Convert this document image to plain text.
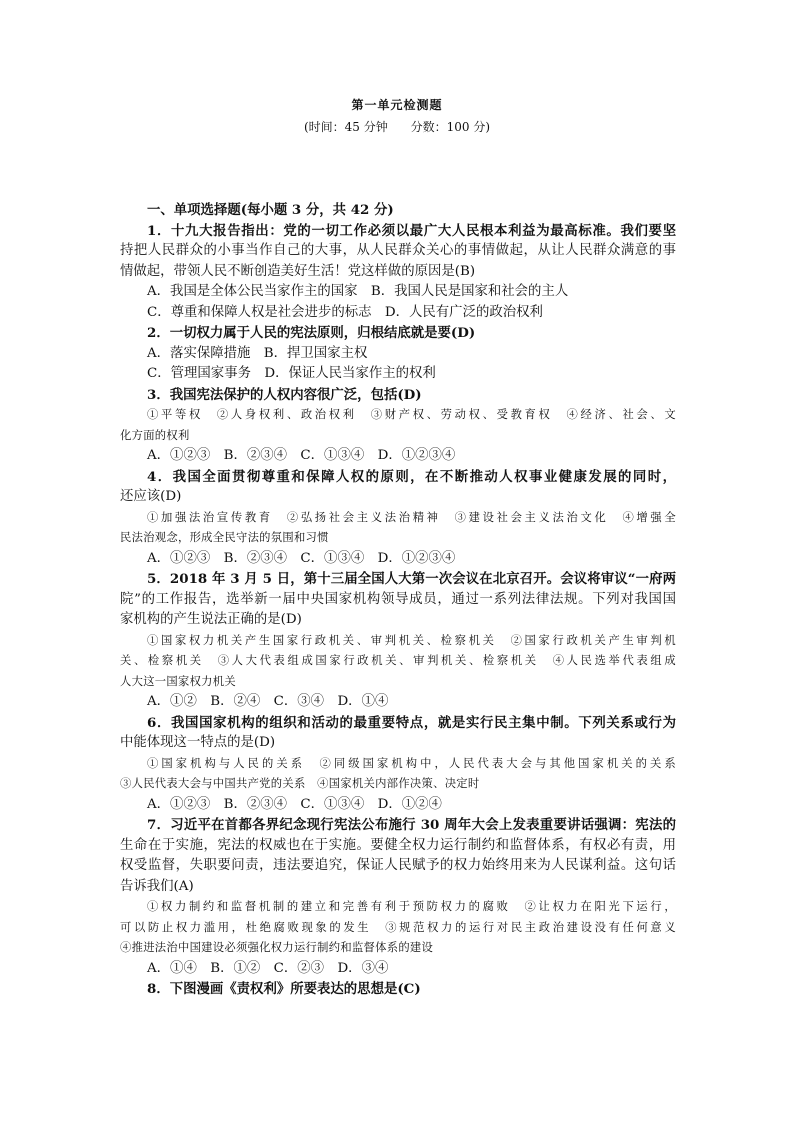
第一单元检测题
(时间：45 分钟      分数：100 分)
一、单项选择题(每小题 3 分，共 42 分)
1．十九大报告指出：党的一切工作必须以最广大人民根本利益为最高标准。我们要坚
持把人民群众的小事当作自己的大事，从人民群众关心的事情做起，从让人民群众满意的事
情做起，带领人民不断创造美好生活！党这样做的原因是(B)
A．我国是全体公民当家作主的国家　B．我国人民是国家和社会的主人
C．尊重和保障人权是社会进步的标志　D．人民有广泛的政治权利
2．一切权力属于人民的宪法原则，归根结底就是要(D)
A．落实保障措施　B．捍卫国家主权
C．管理国家事务　D．保证人民当家作主的权利
3．我国宪法保护的人权内容很广泛，包括(D)
①平等权　②人身权利、政治权利　③财产权、劳动权、受教育权　④经济、社会、文
化方面的权利
A．①②③　B．②③④　C．①③④　D．①②③④
4．我国全面贯彻尊重和保障人权的原则，在不断推动人权事业健康发展的同时，
还应该(D)
①加强法治宣传教育　②弘扬社会主义法治精神　③建设社会主义法治文化　④增强全
民法治观念，形成全民守法的氛围和习惯
A．①②③　B．②③④　C．①③④　D．①②③④
5．2018 年 3 月 5 日，第十三届全国人大第一次会议在北京召开。会议将审议“一府两
院”的工作报告，选举新一届中央国家机构领导成员，通过一系列法律法规。下列对我国国
家机构的产生说法正确的是(D)
①国家权力机关产生国家行政机关、审判机关、检察机关　②国家行政机关产生审判机
关、检察机关　③人大代表组成国家行政机关、审判机关、检察机关　④人民选举代表组成
人大这一国家权力机关
A．①②　B．②④　C．③④　D．①④
6．我国国家机构的组织和活动的最重要特点，就是实行民主集中制。下列关系或行为
中能体现这一特点的是(D)
①国家机构与人民的关系　②同级国家机构中，人民代表大会与其他国家机关的关系
③人民代表大会与中国共产党的关系　④国家机关内部作决策、决定时
A．①②③　B．②③④　C．①③④　D．①②④
7．习近平在首都各界纪念现行宪法公布施行 30 周年大会上发表重要讲话强调：宪法的
生命在于实施，宪法的权威也在于实施。要健全权力运行制约和监督体系，有权必有责，用
权受监督，失职要问责，违法要追究，保证人民赋予的权力始终用来为人民谋利益。这句话
告诉我们(A)
①权力制约和监督机制的建立和完善有利于预防权力的腐败　②让权力在阳光下运行，
可以防止权力滥用，杜绝腐败现象的发生　③规范权力的运行对民主政治建设没有任何意义
④推进法治中国建设必须强化权力运行制约和监督体系的建设
A．①④　B．①②　C．②③　D．③④
8．下图漫画《责权利》所要表达的思想是(C)
